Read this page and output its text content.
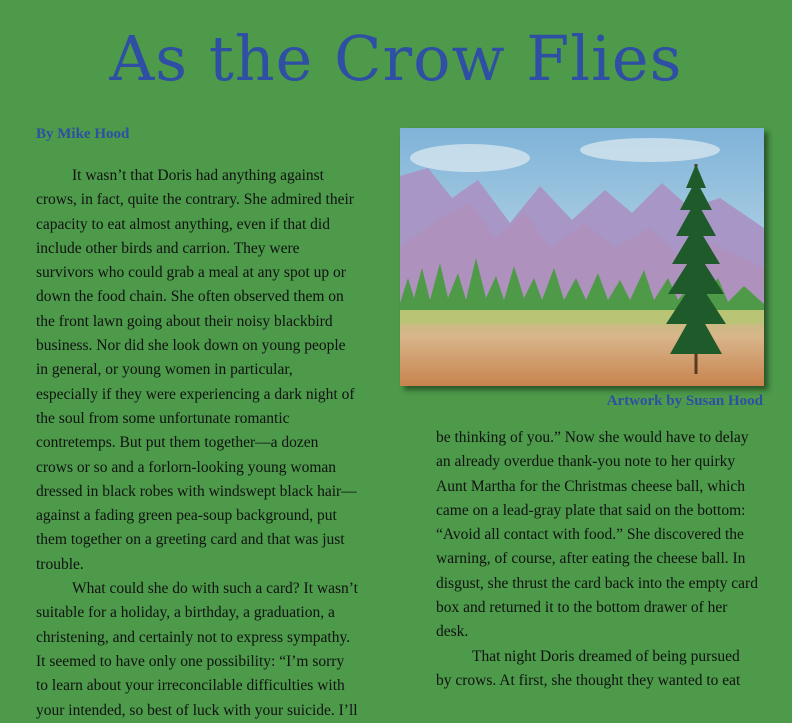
As the Crow Flies
By Mike Hood

It wasn’t that Doris had anything against crows, in fact, quite the contrary. She admired their capacity to eat almost anything, even if that did include other birds and carrion. They were survivors who could grab a meal at any spot up or down the food chain. She often observed them on the front lawn going about their noisy blackbird business. Nor did she look down on young people in general, or young women in particular, especially if they were experiencing a dark night of the soul from some unfortunate romantic contretemps. But put them together—a dozen crows or so and a forlorn-looking young woman dressed in black robes with windswept black hair—against a fading green pea-soup background, put them together on a greeting card and that was just trouble.

What could she do with such a card? It wasn’t suitable for a holiday, a birthday, a graduation, a christening, and certainly not to express sympathy. It seemed to have only one possibility: “I’m sorry to learn about your irreconcilable difficulties with your intended, so best of luck with your suicide. I’ll

Artwork by Susan Hood

be thinking of you.” Now she would have to delay an already overdue thank-you note to her quirky Aunt Martha for the Christmas cheese ball, which came on a lead-gray plate that said on the bottom: “Avoid all contact with food.” She discovered the warning, of course, after eating the cheese ball. In disgust, she thrust the card back into the empty card box and returned it to the bottom drawer of her desk.

That night Doris dreamed of being pursued by crows. At first, she thought they wanted to eat
